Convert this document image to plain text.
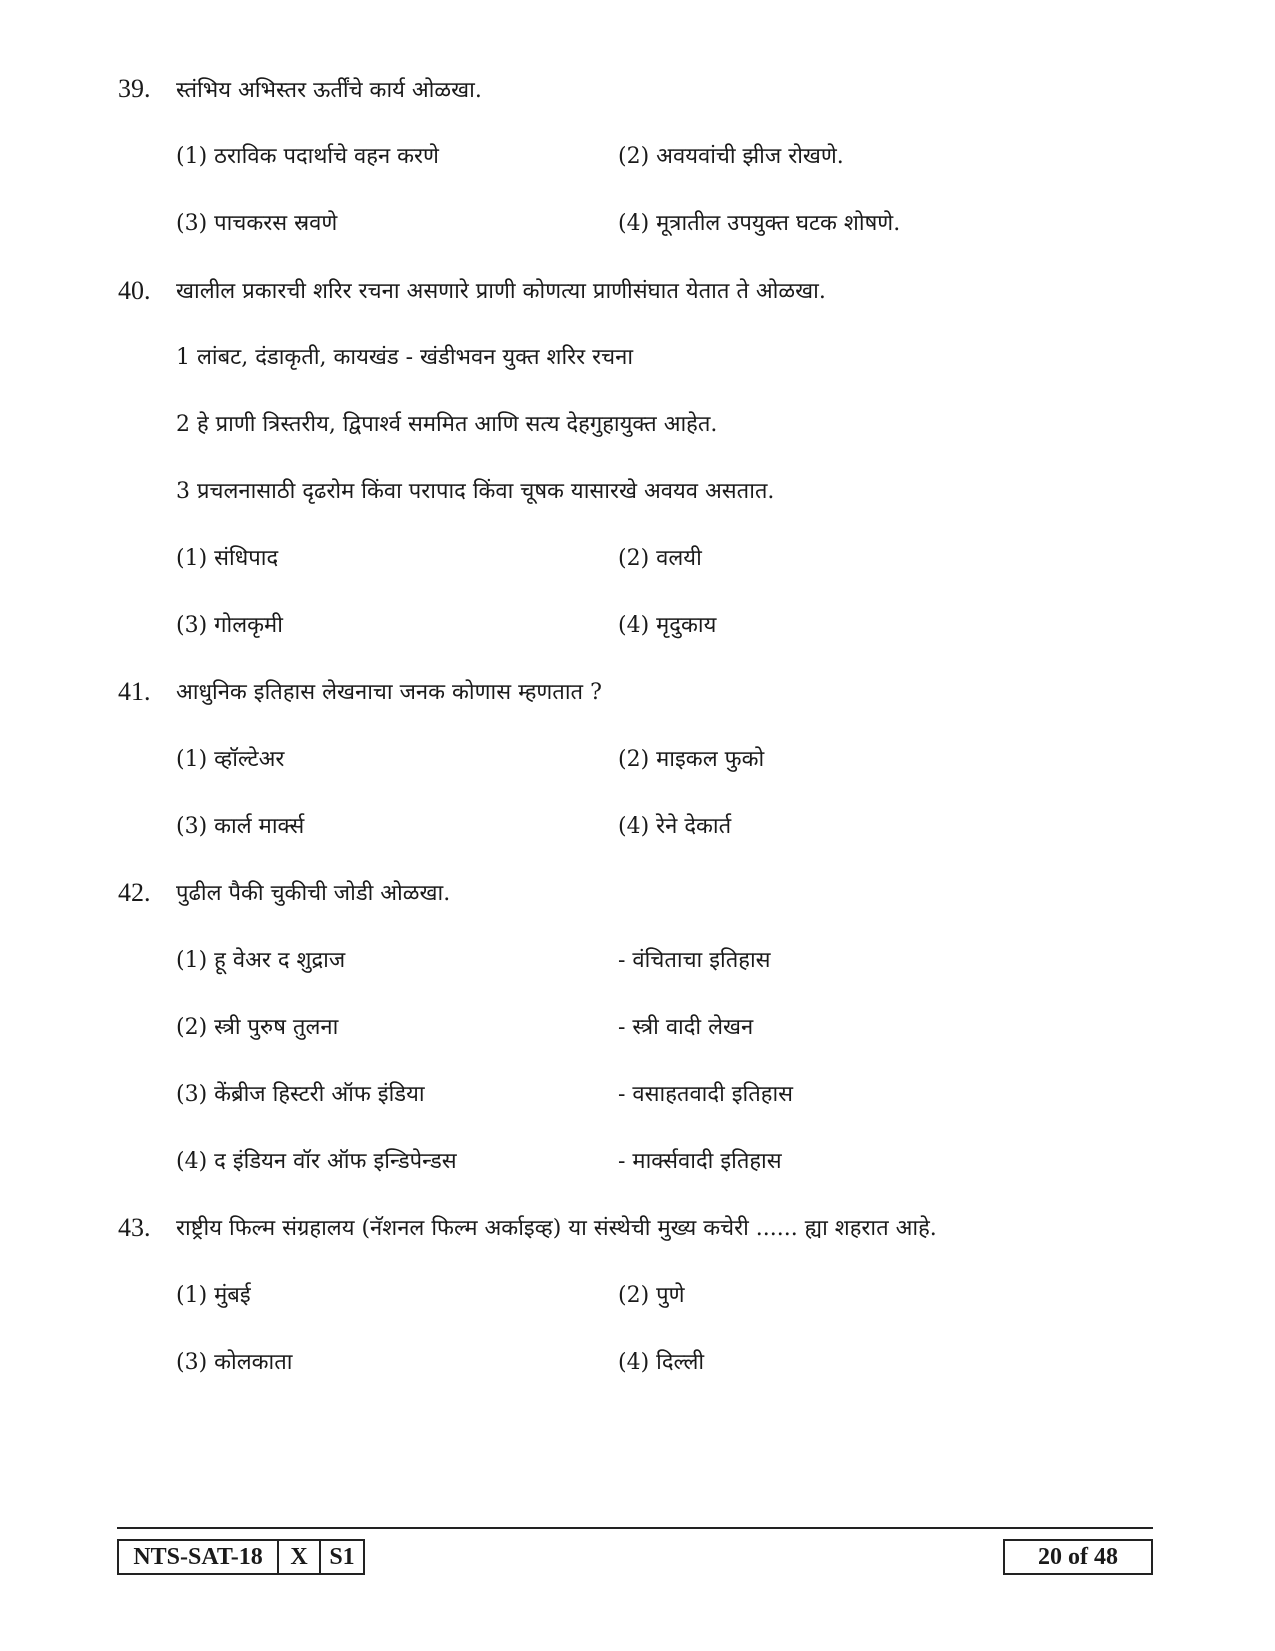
39. स्तंभिय अभिस्तर ऊर्तींचे कार्य ओळखा.
(1) ठराविक पदार्थाचे वहन करणे	(2) अवयवांची झीज रोखणे.
(3) पाचकरस स्रवणे	(4) मूत्रातील उपयुक्त घटक शोषणे.
40. खालील प्रकारची शरिर रचना असणारे प्राणी कोणत्या प्राणीसंघात येतात ते ओळखा.
1 लांबट, दंडाकृती, कायखंड - खंडीभवन युक्त शरिर रचना
2 हे प्राणी त्रिस्तरीय, द्विपार्श्व सममित आणि सत्य देहगुहायुक्त आहेत.
3 प्रचलनासाठी दृढरोम किंवा परापाद किंवा चूषक यासारखे अवयव असतात.
(1) संधिपाद	(2) वलयी
(3) गोलकृमी	(4) मृदुकाय
41. आधुनिक इतिहास लेखनाचा जनक कोणास म्हणतात ?
(1) व्हॉल्टेअर	(2) माइकल फुको
(3) कार्ल मार्क्स	(4) रेने देकार्त
42. पुढील पैकी चुकीची जोडी ओळखा.
(1) हू वेअर द शुद्राज	- वंचिताचा इतिहास
(2) स्त्री पुरुष तुलना	- स्त्री वादी लेखन
(3) केंब्रीज हिस्टरी ऑफ इंडिया	- वसाहतवादी इतिहास
(4) द इंडियन वॉर ऑफ इन्डिपेन्डस	- मार्क्सवादी इतिहास
43. राष्ट्रीय फिल्म संग्रहालय (नॅशनल फिल्म अर्काइव्ह) या संस्थेची मुख्य कचेरी ...... ह्या शहरात आहे.
(1) मुंबई	(2) पुणे
(3) कोलकाता	(4) दिल्ली
NTS-SAT-18	X S1	20 of 48
